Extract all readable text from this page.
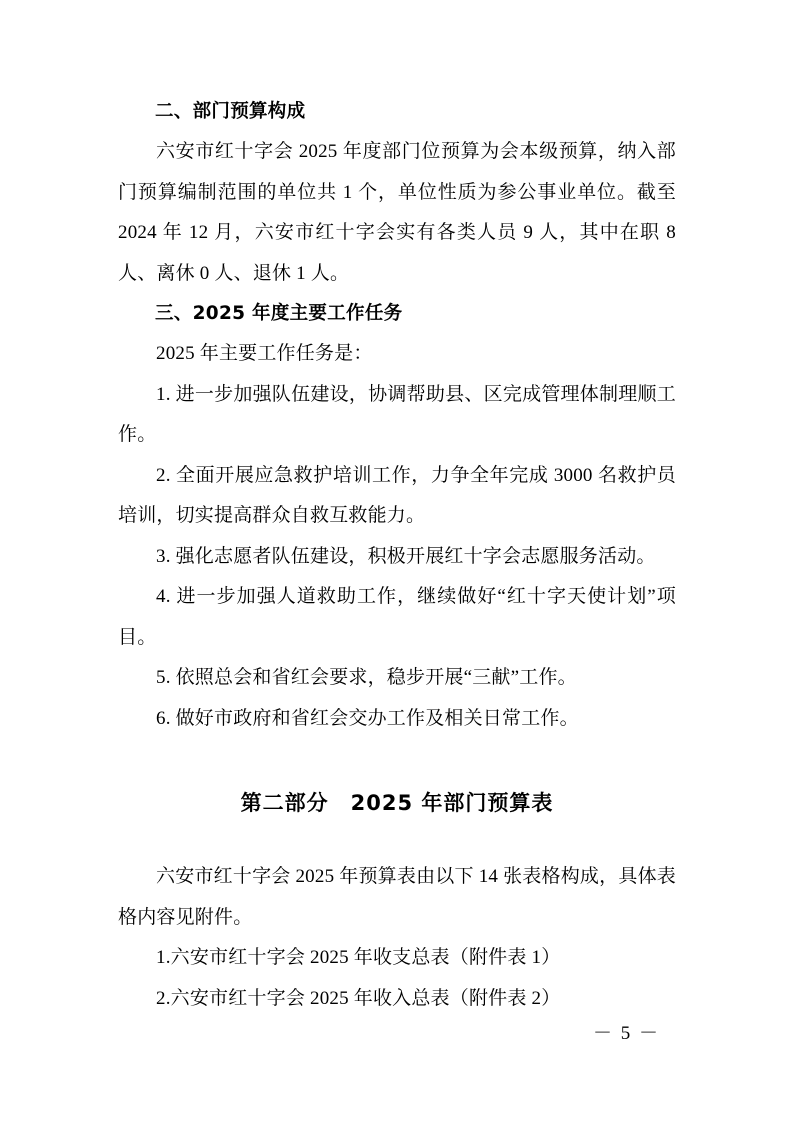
二、部门预算构成

六安市红十字会 2025 年度部门位预算为会本级预算，纳入部门预算编制范围的单位共 1 个，单位性质为参公事业单位。截至 2024 年 12 月，六安市红十字会实有各类人员 9 人，其中在职 8 人、离休 0 人、退休 1 人。

三、2025 年度主要工作任务

2025 年主要工作任务是：

1. 进一步加强队伍建设，协调帮助县、区完成管理体制理顺工作。

2. 全面开展应急救护培训工作，力争全年完成 3000 名救护员培训，切实提高群众自救互救能力。

3. 强化志愿者队伍建设，积极开展红十字会志愿服务活动。

4. 进一步加强人道救助工作，继续做好“红十字天使计划”项目。

5. 依照总会和省红会要求，稳步开展“三献”工作。

6. 做好市政府和省红会交办工作及相关日常工作。

第二部分　2025 年部门预算表

六安市红十字会 2025 年预算表由以下 14 张表格构成，具体表格内容见附件。

1.六安市红十字会 2025 年收支总表（附件表 1）

2.六安市红十字会 2025 年收入总表（附件表 2）

－ 5 －
